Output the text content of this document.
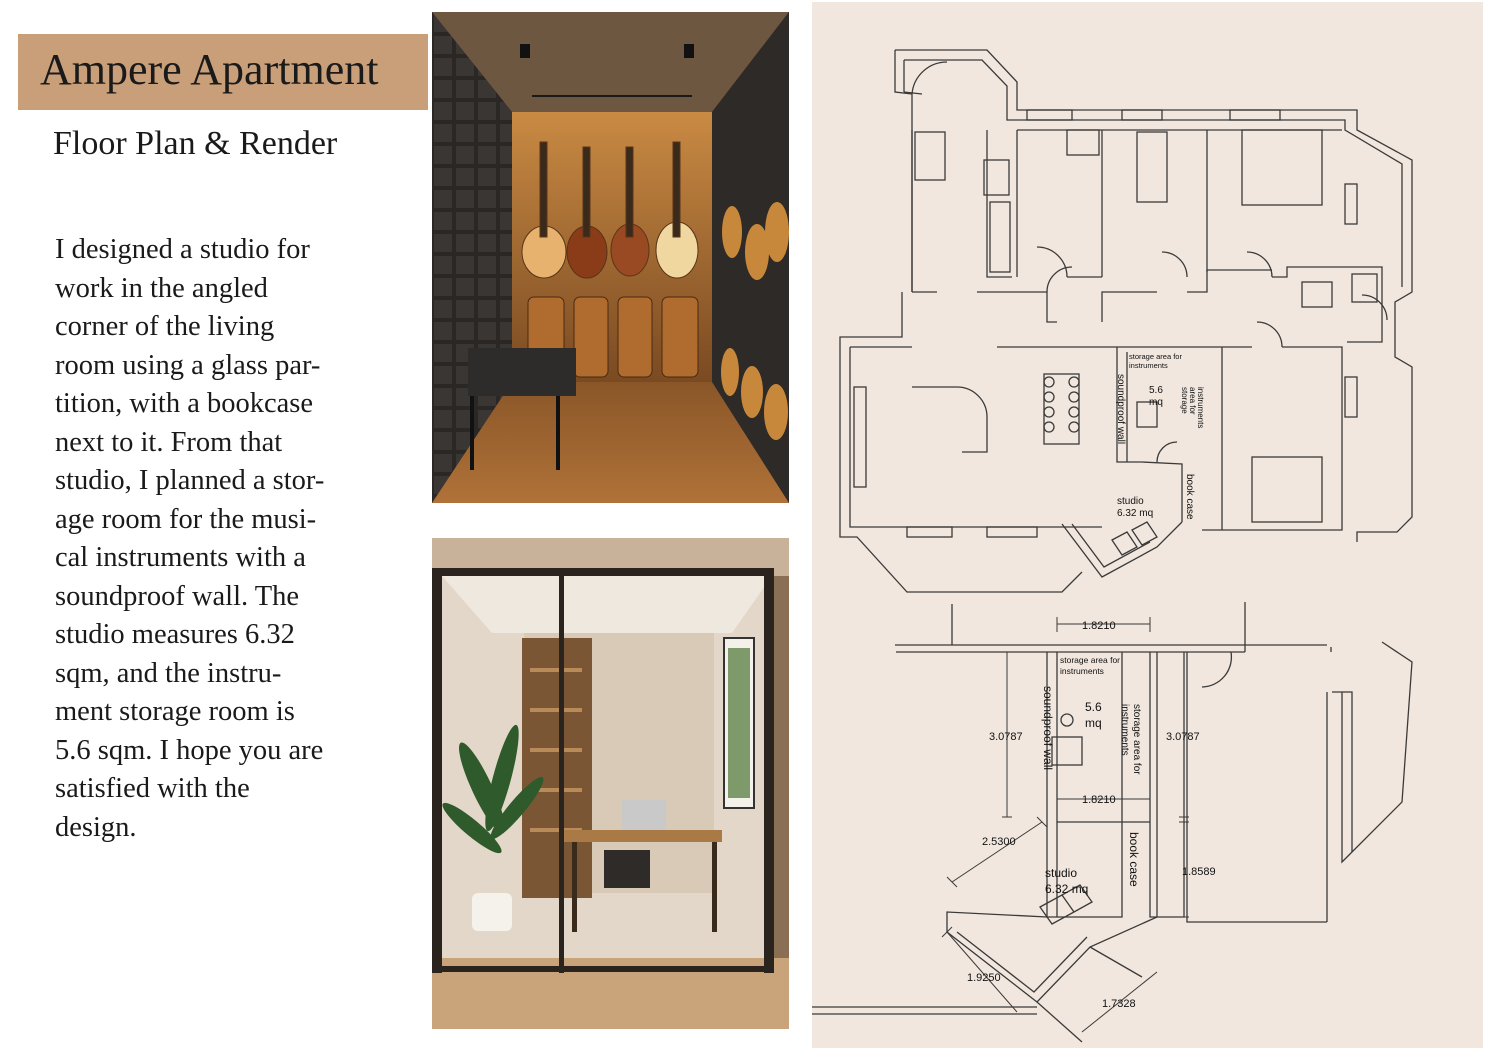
Ampere Apartment
Floor Plan & Render
I designed a studio for
work in the angled
corner of the living
room using a glass par-
tition, with a bookcase
next to it. From that
studio, I planned a stor-
age room for the musi-
cal instruments with a
soundproof wall. The
studio measures 6.32
sqm, and the instru-
ment storage room is
5.6 sqm. I hope you are
satisfied with the
design.
storage area for
instruments
5.6
mq storage area for instruments
soundproof wall
book case
studio
6.32 mq
1.8210
storage area for
instruments
5.6
mq	storage area for
instruments
soundproof wall
3.0787	3.0787
1.8210
2.5300	book case	1.8589
studio
6.32 mq
1.9250
1.7328
